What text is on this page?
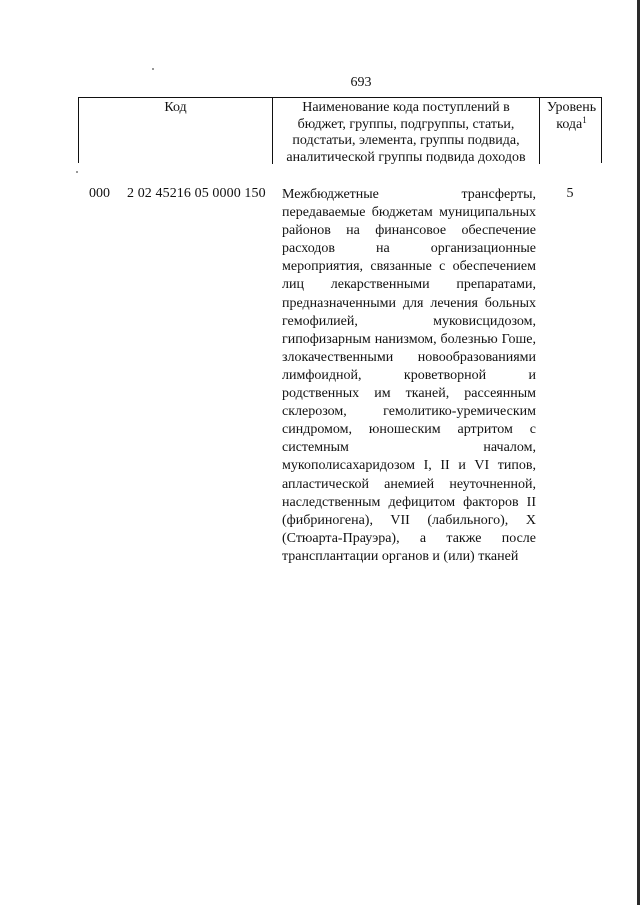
693
Код	Наименование кода поступлений в бюджет, группы, подгруппы, статьи, подстатьи, элемента, группы подвида, аналитической группы подвида доходов
Уровень кода$^1$
000 2 02 45216 05 0000 150 Межбюджетные трансферты, передаваемые бюджетам муниципальных районов на финансовое обеспечение расходов на организационные мероприятия, связанные с обеспечением лиц лекарственными препаратами, предназначенными для лечения больных гемофилией, муковисцидозом, гипофизарным нанизмом, болезнью Гоше, злокачественными новообразованиями лимфоидной, кроветворной и родственных им тканей, рассеянным склерозом, гемолитико-уремическим синдромом, юношеским артритом с системным началом, мукополисахаридозом I, II и VI типов, апластической анемией неуточненной, наследственным дефицитом факторов II (фибриногена), VII (лабильного), X (Стюарта-Прауэра), а также после трансплантации органов и (или) тканей
5
